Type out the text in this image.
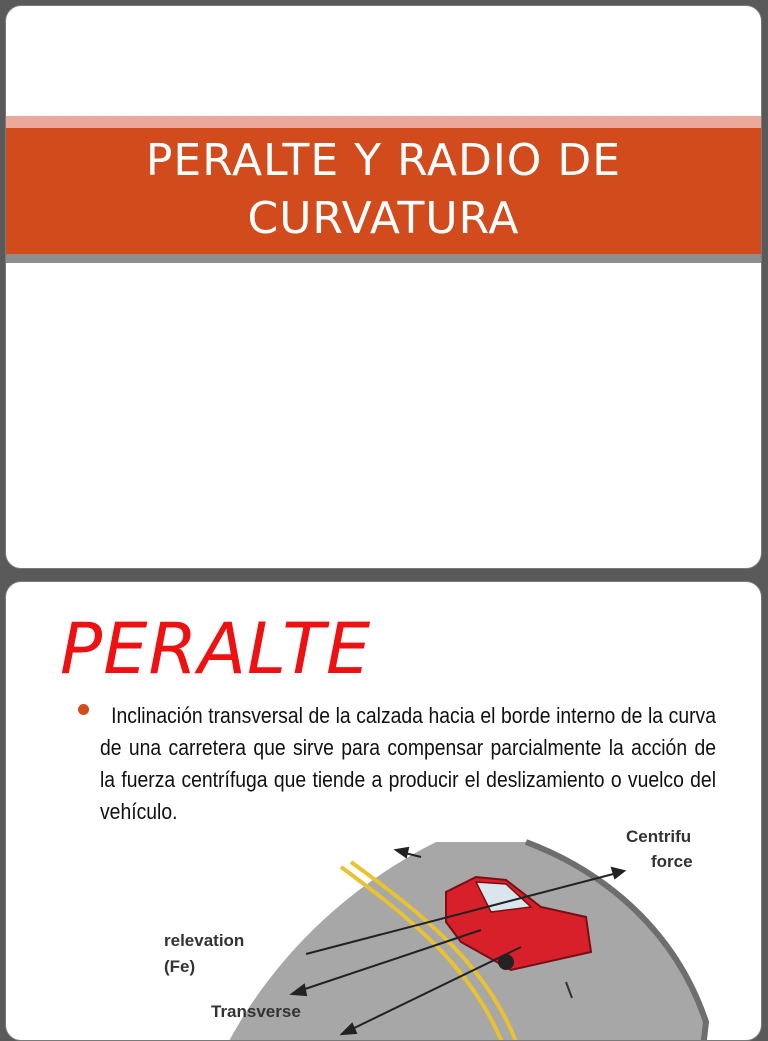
PERALTE Y RADIO DE
CURVATURA
PERALTE
Inclinación transversal de la calzada hacia el borde interno de la curva de una carretera que sirve para compensar parcialmente la acción de la fuerza centrífuga que tiende a producir el deslizamiento o vuelco del vehículo.
Centrifu
force
relevation
(Fe)
Transverse
